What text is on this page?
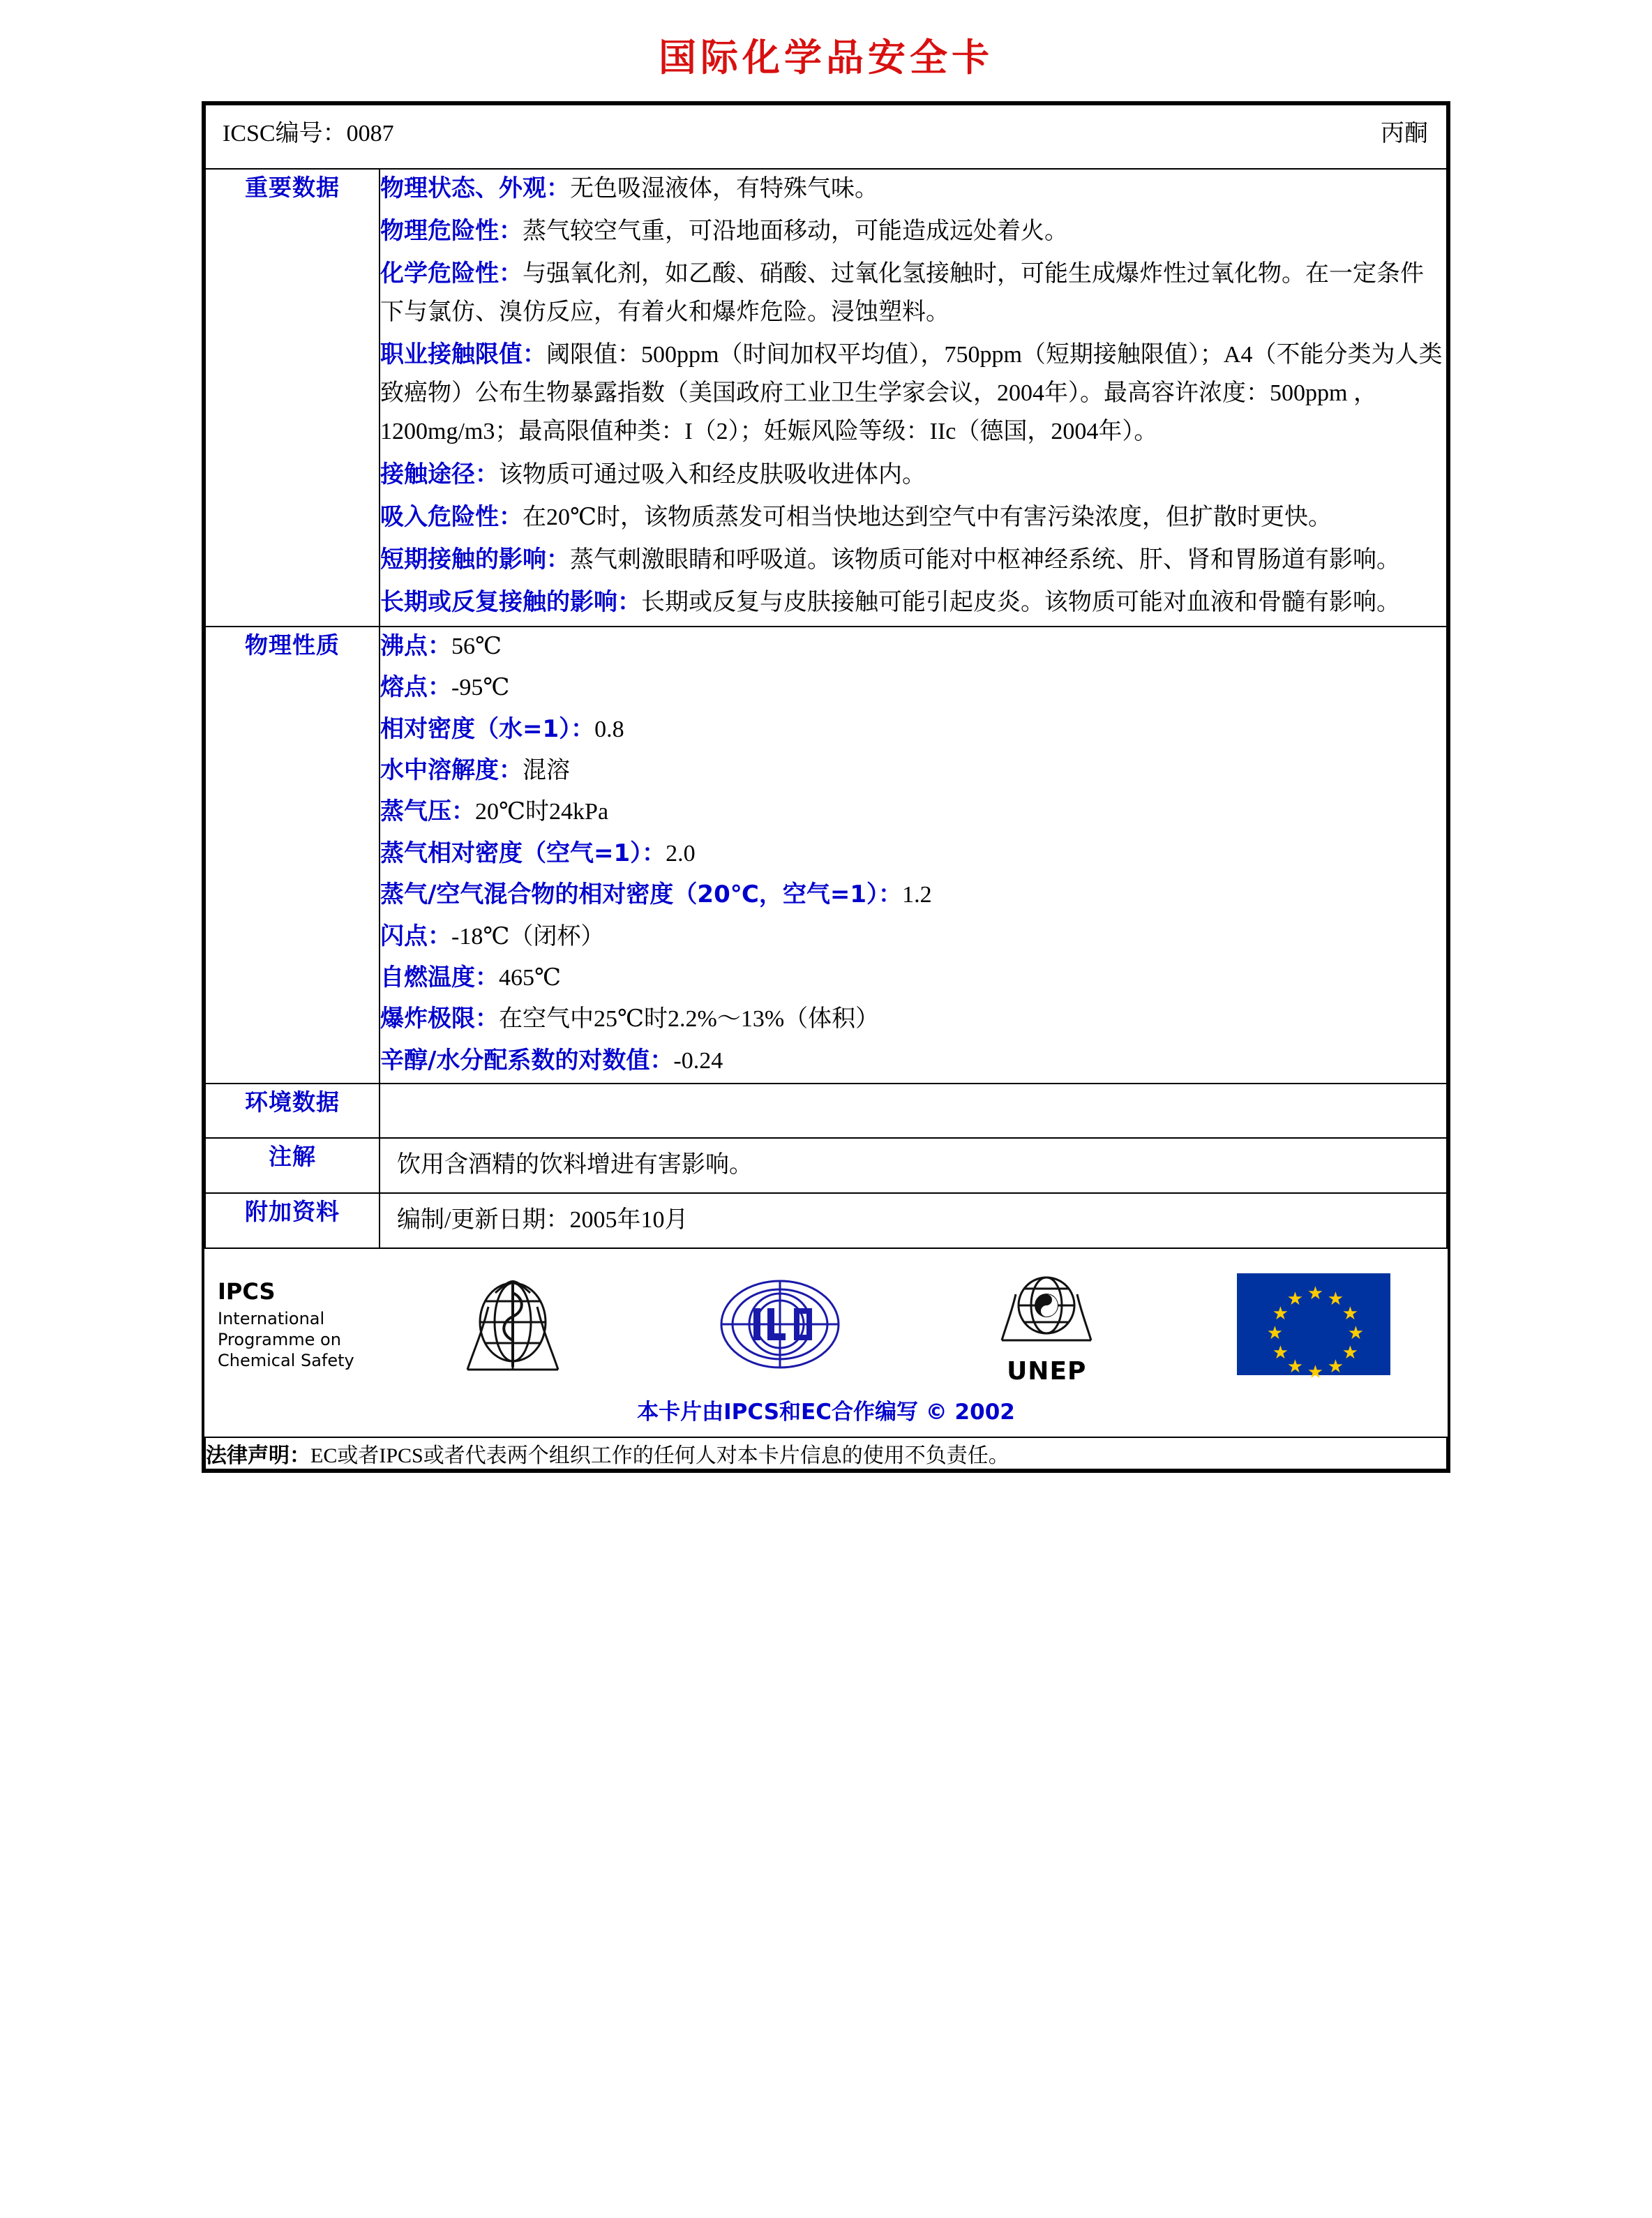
国际化学品安全卡
ICSC编号：0087 丙酮	

重要数据	物理状态、外观：无色吸湿液体，有特殊气味。

物理危险性：蒸气较空气重，可沿地面移动，可能造成远处着火。

化学危险性：与强氧化剂，如乙酸、硝酸、过氧化氢接触时，可能生成爆炸性过氧化物。在一定条件下与氯仿、溴仿反应，有着火和爆炸危险。浸蚀塑料。

职业接触限值：阈限值：500ppm（时间加权平均值），750ppm（短期接触限值）；A4（不能分类为人类致癌物）公布生物暴露指数（美国政府工业卫生学家会议，2004年）。最高容许浓度：500ppm ，1200mg/m3；最高限值种类：I（2）；妊娠风险等级：IIc（德国，2004年）。

接触途径：该物质可通过吸入和经皮肤吸收进体内。

吸入危险性：在20℃时，该物质蒸发可相当快地达到空气中有害污染浓度，但扩散时更快。

短期接触的影响：蒸气刺激眼睛和呼吸道。该物质可能对中枢神经系统、肝、肾和胃肠道有影响。

长期或反复接触的影响：长期或反复与皮肤接触可能引起皮炎。该物质可能对血液和骨髓有影响。

物理性质	沸点：56℃

熔点：-95℃

相对密度（水=1）：0.8

水中溶解度：混溶

蒸气压：20℃时24kPa

蒸气相对密度（空气=1）：2.0

蒸气/空气混合物的相对密度（20℃，空气=1）：1.2

闪点：-18℃（闭杯）

自燃温度：465℃

爆炸极限：在空气中25℃时2.2%～13%（体积）

辛醇/水分配系数的对数值：-0.24

环境数据	

注解	饮用含酒精的饮料增进有害影响。

附加资料	编制/更新日期：2005年10月

IPCS
International
Programme on
Chemical Safety	UNEP
★ ★
★
★
★
★
★
★
★
★
★
★
本卡片由IPCS和EC合作编写 © 2002

法律声明：EC或者IPCS或者代表两个组织工作的任何人对本卡片信息的使用不负责任。	
